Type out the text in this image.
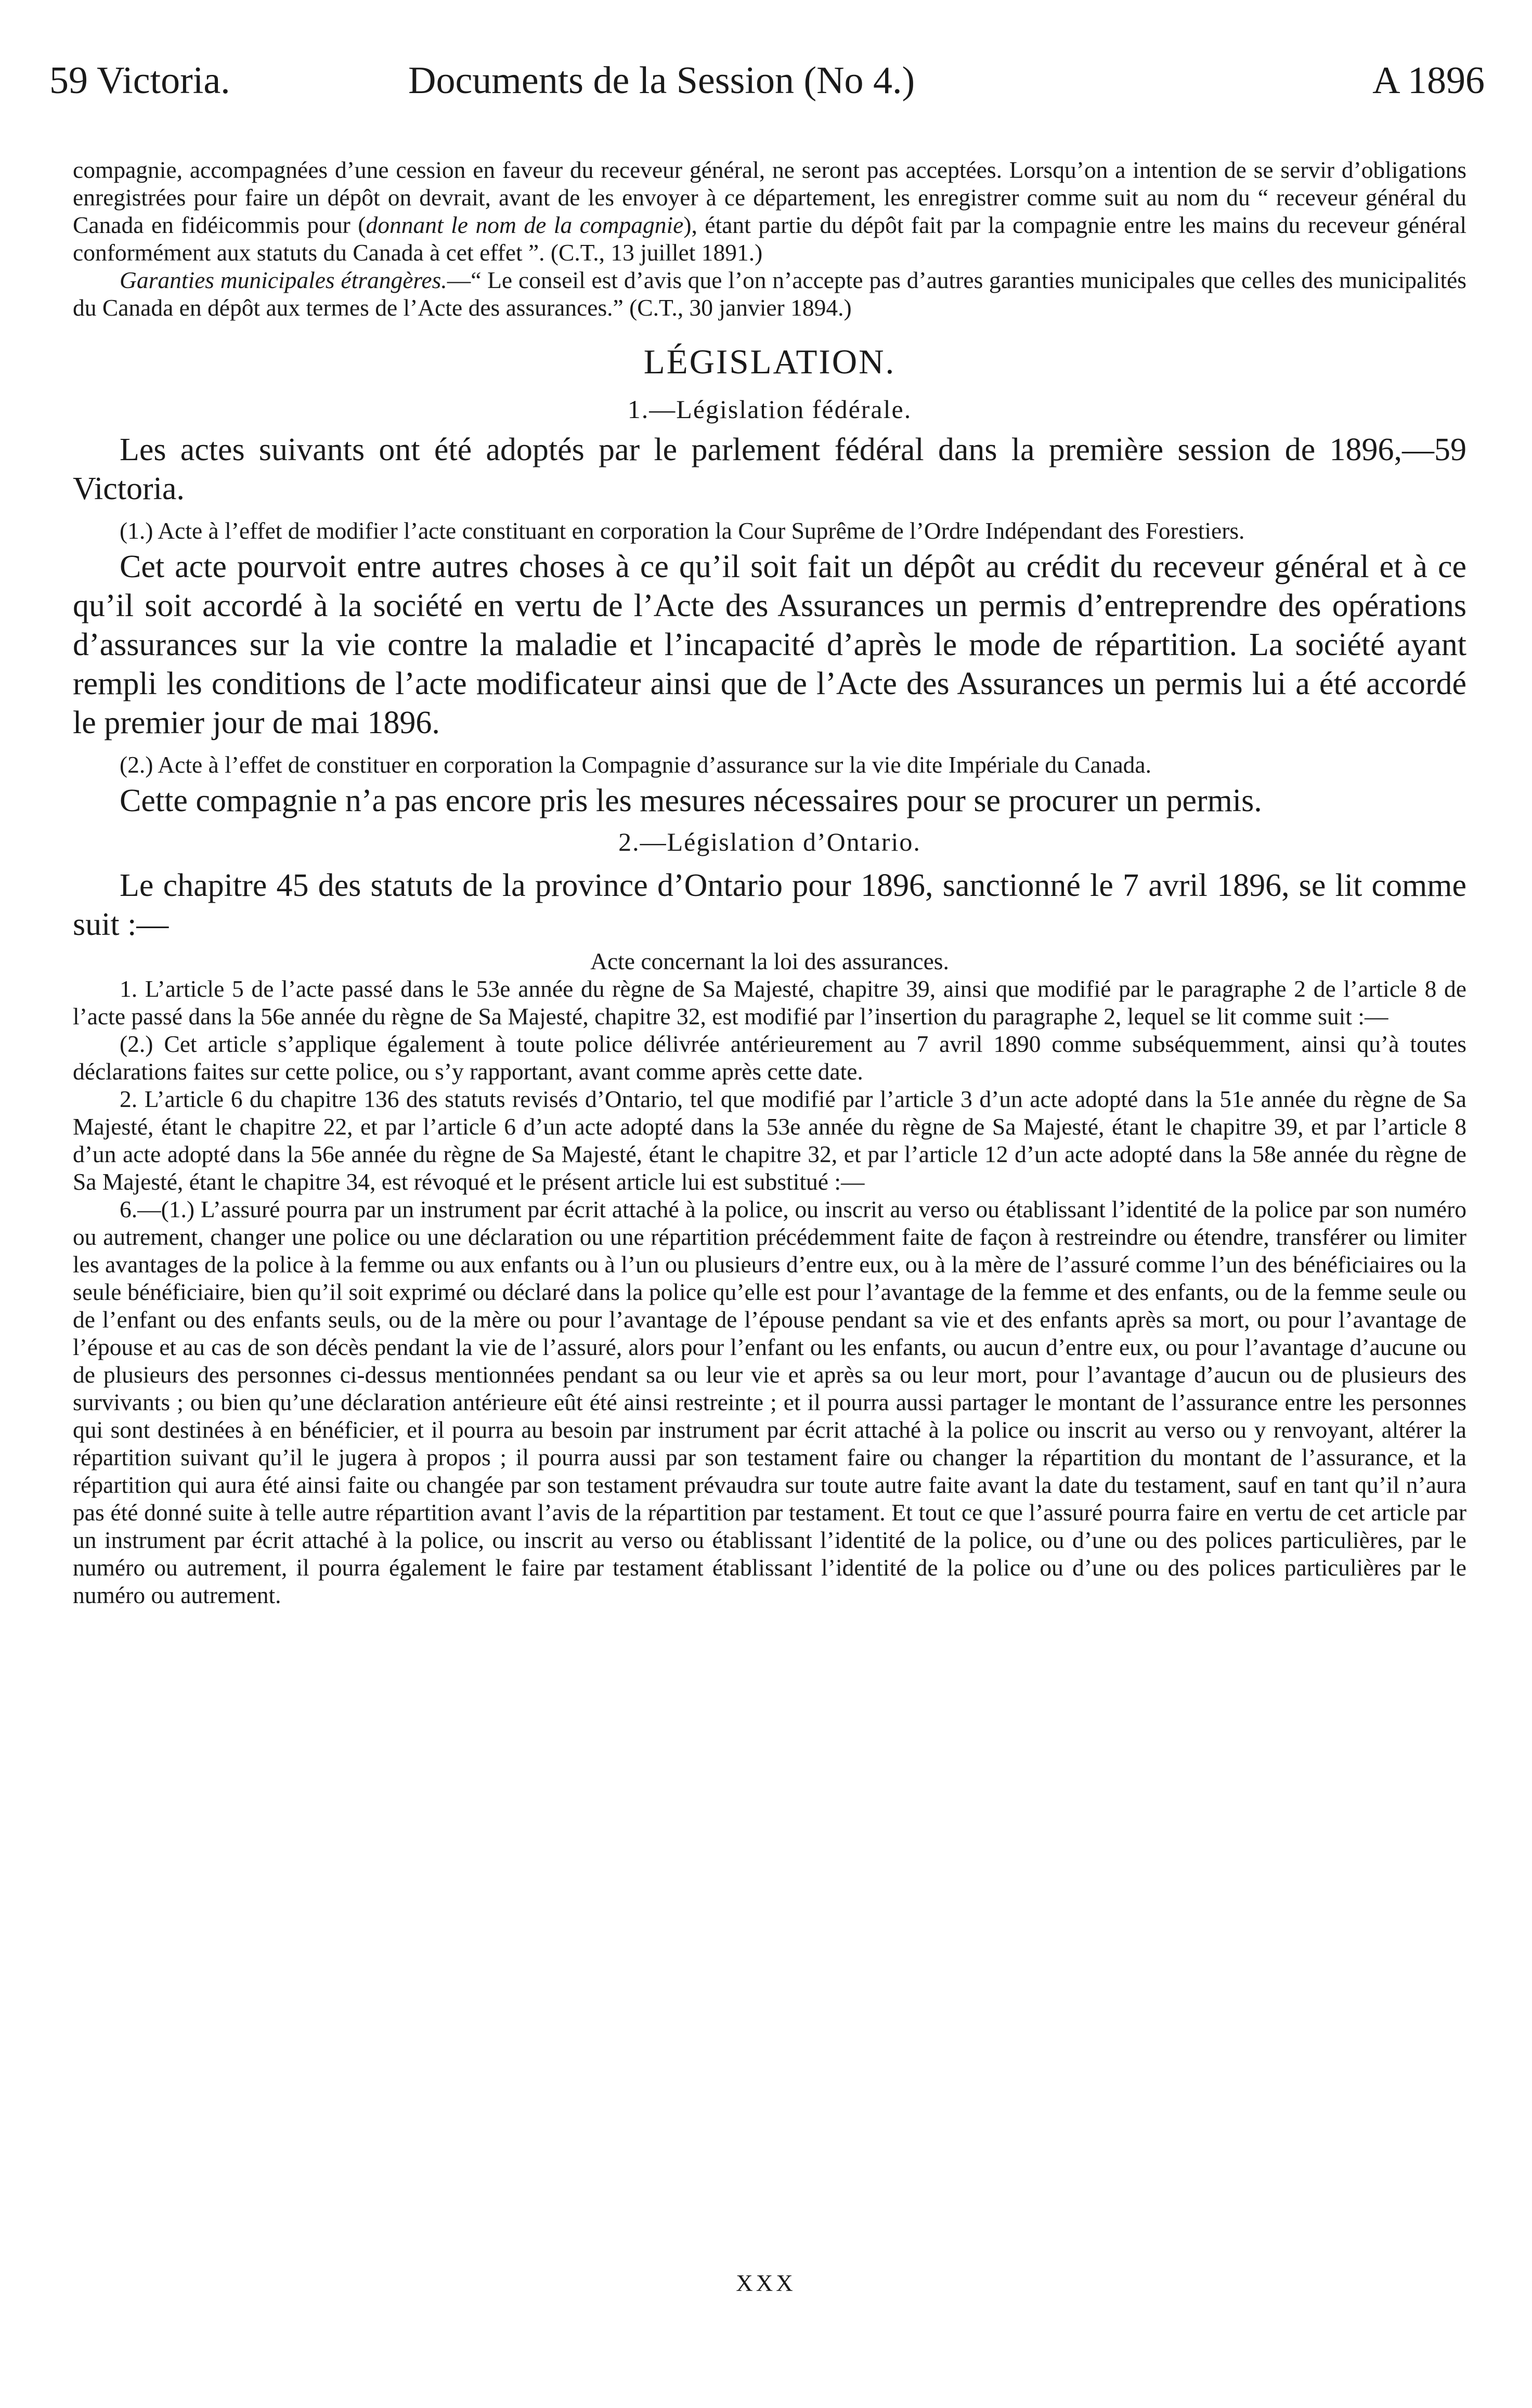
59 Victoria.	Documents de la Session (No 4.)	A 1896

compagnie, accompagnées d’une cession en faveur du receveur général, ne seront pas acceptées. Lorsqu’on a intention de se servir d’obligations enregistrées pour faire un dépôt on devrait, avant de les envoyer à ce département, les enregistrer comme suit au nom du “ receveur général du Canada en fidéicommis pour (donnant le nom de la compagnie), étant partie du dépôt fait par la compagnie entre les mains du receveur général conformément aux statuts du Canada à cet effet ”. (C.T., 13 juillet 1891.)

Garanties municipales étrangères.—“ Le conseil est d’avis que l’on n’accepte pas d’autres garanties municipales que celles des municipalités du Canada en dépôt aux termes de l’Acte des assurances.” (C.T., 30 janvier 1894.)

LÉGISLATION.
1.—Législation fédérale.

Les actes suivants ont été adoptés par le parlement fédéral dans la première session de 1896,—59 Victoria.

(1.) Acte à l’effet de modifier l’acte constituant en corporation la Cour Suprême de l’Ordre Indépendant des Forestiers.

Cet acte pourvoit entre autres choses à ce qu’il soit fait un dépôt au crédit du receveur général et à ce qu’il soit accordé à la société en vertu de l’Acte des Assurances un permis d’entreprendre des opérations d’assurances sur la vie contre la maladie et l’incapacité d’après le mode de répartition. La société ayant rempli les conditions de l’acte modificateur ainsi que de l’Acte des Assurances un permis lui a été accordé le premier jour de mai 1896.

(2.) Acte à l’effet de constituer en corporation la Compagnie d’assurance sur la vie dite Impériale du Canada.

Cette compagnie n’a pas encore pris les mesures nécessaires pour se procurer un permis.

2.—Législation d’Ontario.

Le chapitre 45 des statuts de la province d’Ontario pour 1896, sanctionné le 7 avril 1896, se lit comme suit :—

Acte concernant la loi des assurances.

1. L’article 5 de l’acte passé dans le 53e année du règne de Sa Majesté, chapitre 39, ainsi que modifié par le paragraphe 2 de l’article 8 de l’acte passé dans la 56e année du règne de Sa Majesté, chapitre 32, est modifié par l’insertion du paragraphe 2, lequel se lit comme suit :—

(2.) Cet article s’applique également à toute police délivrée antérieurement au 7 avril 1890 comme subséquemment, ainsi qu’à toutes déclarations faites sur cette police, ou s’y rapportant, avant comme après cette date.

2. L’article 6 du chapitre 136 des statuts revisés d’Ontario, tel que modifié par l’article 3 d’un acte adopté dans la 51e année du règne de Sa Majesté, étant le chapitre 22, et par l’article 6 d’un acte adopté dans la 53e année du règne de Sa Majesté, étant le chapitre 39, et par l’article 8 d’un acte adopté dans la 56e année du règne de Sa Majesté, étant le chapitre 32, et par l’article 12 d’un acte adopté dans la 58e année du règne de Sa Majesté, étant le chapitre 34, est révoqué et le présent article lui est substitué :—

6.—(1.) L’assuré pourra par un instrument par écrit attaché à la police, ou inscrit au verso ou établissant l’identité de la police par son numéro ou autrement, changer une police ou une déclaration ou une répartition précédemment faite de façon à restreindre ou étendre, transférer ou limiter les avantages de la police à la femme ou aux enfants ou à l’un ou plusieurs d’entre eux, ou à la mère de l’assuré comme l’un des bénéficiaires ou la seule bénéficiaire, bien qu’il soit exprimé ou déclaré dans la police qu’elle est pour l’avantage de la femme et des enfants, ou de la femme seule ou de l’enfant ou des enfants seuls, ou de la mère ou pour l’avantage de l’épouse pendant sa vie et des enfants après sa mort, ou pour l’avantage de l’épouse et au cas de son décès pendant la vie de l’assuré, alors pour l’enfant ou les enfants, ou aucun d’entre eux, ou pour l’avantage d’aucune ou de plusieurs des personnes ci-dessus mentionnées pendant sa ou leur vie et après sa ou leur mort, pour l’avantage d’aucun ou de plusieurs des survivants ; ou bien qu’une déclaration antérieure eût été ainsi restreinte ; et il pourra aussi partager le montant de l’assurance entre les personnes qui sont destinées à en bénéficier, et il pourra au besoin par instrument par écrit attaché à la police ou inscrit au verso ou y renvoyant, altérer la répartition suivant qu’il le jugera à propos ; il pourra aussi par son testament faire ou changer la répartition du montant de l’assurance, et la répartition qui aura été ainsi faite ou changée par son testament prévaudra sur toute autre faite avant la date du testament, sauf en tant qu’il n’aura pas été donné suite à telle autre répartition avant l’avis de la répartition par testament. Et tout ce que l’assuré pourra faire en vertu de cet article par un instrument par écrit attaché à la police, ou inscrit au verso ou établissant l’identité de la police, ou d’une ou des polices particulières, par le numéro ou autrement, il pourra également le faire par testament établissant l’identité de la police ou d’une ou des polices particulières par le numéro ou autrement.

XXX
